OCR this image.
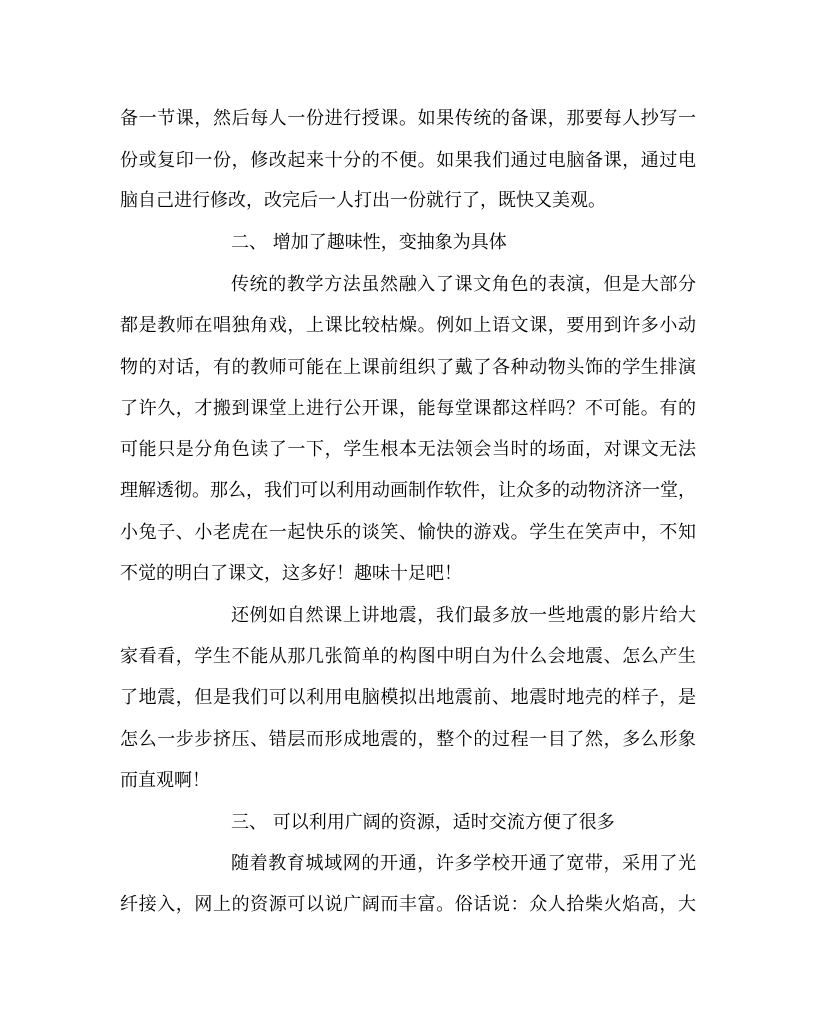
备一节课，然后每人一份进行授课。如果传统的备课，那要每人抄写一
份或复印一份，修改起来十分的不便。如果我们通过电脑备课，通过电
脑自己进行修改，改完后一人打出一份就行了，既快又美观。
二、 增加了趣味性，变抽象为具体
传统的教学方法虽然融入了课文角色的表演，但是大部分
都是教师在唱独角戏，上课比较枯燥。例如上语文课，要用到许多小动
物的对话，有的教师可能在上课前组织了戴了各种动物头饰的学生排演
了许久，才搬到课堂上进行公开课，能每堂课都这样吗？不可能。有的
可能只是分角色读了一下，学生根本无法领会当时的场面，对课文无法
理解透彻。那么，我们可以利用动画制作软件，让众多的动物济济一堂，
小兔子、小老虎在一起快乐的谈笑、愉快的游戏。学生在笑声中，不知
不觉的明白了课文，这多好！趣味十足吧！
还例如自然课上讲地震，我们最多放一些地震的影片给大
家看看，学生不能从那几张简单的构图中明白为什么会地震、怎么产生
了地震，但是我们可以利用电脑模拟出地震前、地震时地壳的样子，是
怎么一步步挤压、错层而形成地震的，整个的过程一目了然，多么形象
而直观啊！
三、 可以利用广阔的资源，适时交流方便了很多
随着教育城域网的开通，许多学校开通了宽带，采用了光
纤接入，网上的资源可以说广阔而丰富。俗话说：众人拾柴火焰高，大
